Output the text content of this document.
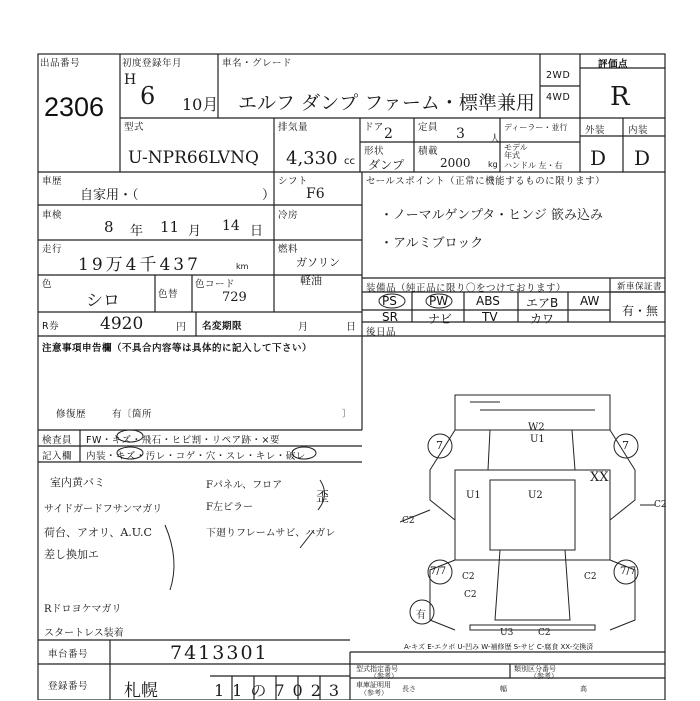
出品番号
2306
初度登録年月
H
6 10月
車名・グレード
エルフ ダンプ ファーム・標準兼用
2WD
4WD
評価点
R
外装 内装
D D
型式
U-NPR66LVNQ
排気量
4,330 cc
ドア 2	定員 3	人
ディーラー・並行
形状
ダンプ
積載
2000 kg
モデル
年式
ハンドル 左・右
車歴
自家用・（	）
シフト
F6
車検
8 年 11 月 14 日
冷房
走行
19万4千437	km
燃料
ガソリン
軽油
色
シロ	色替
色コード
729
セールスポイント（正常に機能するものに限ります）
・ノーマルゲンプタ・ヒンジ 篏み込み
・アルミブロック
装備品（純正品に限り〇をつけております）	新車保証書
有・無
PS	PW ABS エアB AW
SR	ナビ TV	カワ
R券 4920	円 名変期限	月	日 後日品
注意事項申告欄（不具合内容等は具体的に記入して下さい）
修復歴	有〔箇所	〕
検査員 FW・キズ・飛石・ヒビ割・リペア跡・×要
記入欄 内装・キズ・汚レ・コゲ・穴・スレ・キレ・破レ
室内黄バミ
サイドガードフサンマガリ
荷台、アオリ、A.U.C
差し換加エ
Rドロヨケマガリ
スタートレス装着
Fパネル、フロア
F左ピラー
下廻りフレームサビ、ハガレ
歪
W2
U1
7	7
XX
U1	U2
C2
C2
C2	C2
C2
C2
U3
7/7	7/7
有
A-キズ E-エクボ U-凹み W-補修歴 S-サビ C-腐食 XX-交換済
車台番号	7413301
登録番号 札幌	11の7023
型式指定番号
（参考）
類別区分番号
（参考）
車庫証明用
（参考） 長さ	幅	高
